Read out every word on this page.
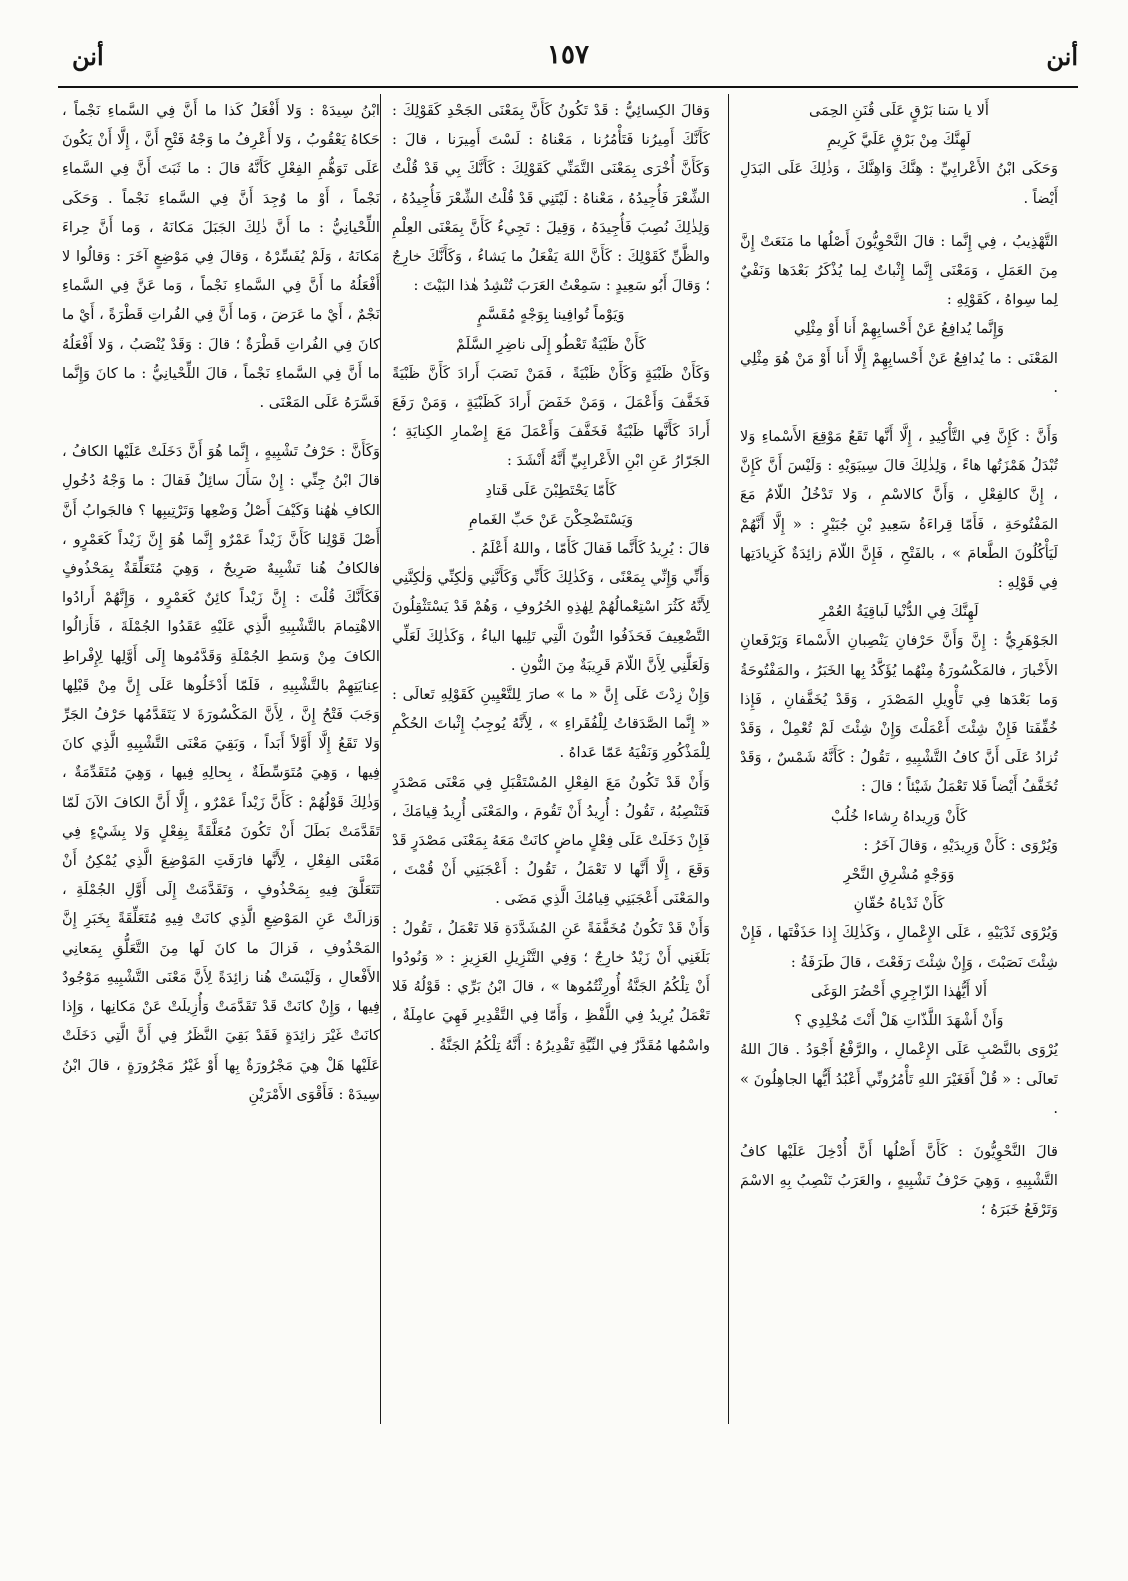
أنن
١٥٧
أنن

أَلا يا سَنا بَرْقٍ عَلَى قُنَنِ الحِمَى

لَهِنَّكَ مِنْ بَرْقٍ عَلَيَّ كَرِيمِ

وَحَكَى ابْنُ الأَعْرابِيِّ : هِنَّكَ وَاهِنَّكَ ، وَذٰلِكَ عَلَى البَدَلِ أَيْضاً .

التَّهْذِيبُ ، فِي إِنَّما : قالَ النَّحْوِيُّونَ أَصْلُها ما مَنَعَتْ إِنَّ مِنَ العَمَلِ ، وَمَعْنَى إِنَّما إِثْباتٌ لِما يُذْكَرُ بَعْدَها وَنَفْيٌ لِما سِواهُ ، كَقَوْلِهِ :

وَإِنَّما يُدافِعُ عَنْ أَحْسابِهِمْ أَنا أَوْ مِثْلِي

المَعْنَى : ما يُدافِعُ عَنْ أَحْسابِهِمْ إِلَّا أَنا أَوْ مَنْ هُوَ مِثْلِي .

وَأَنَّ : كَإِنَّ فِي التَّأْكِيدِ ، إِلَّا أَنَّها تَقَعُ مَوْقِعَ الأَسْماءِ وَلا تُبْدَلُ هَمْزَتُها هاءً ، وَلِذٰلِكَ قالَ سِيبَوَيْهِ : وَلَيْسَ أَنَّ كَإِنَّ ، إِنَّ كالفِعْلِ ، وَأَنَّ كالاسْمِ ، وَلا تَدْخُلُ اللّامُ مَعَ المَفْتُوحَةِ ، فَأَمّا قِراءَةُ سَعِيدِ بْنِ جُبَيْرٍ : « إِلَّا أَنَّهُمْ لَيَأْكُلُونَ الطَّعامَ » ، بالفَتْحِ ، فَإِنَّ اللّامَ زائِدَةٌ كَزِيادَتِها فِي قَوْلِهِ :

لَهِنَّكَ فِي الدُّنْيا لَباقِيَةُ العُمْرِ

الجَوْهَرِيُّ : إِنَّ وَأَنَّ حَرْفانِ يَنْصِبانِ الأَسْماءَ وَيَرْفَعانِ الأَخْبارَ ، فالمَكْسُورَةُ مِنْهُما يُؤَكَّدُ بِها الخَبَرُ ، والمَفْتُوحَةُ وَما بَعْدَها فِي تَأْوِيلِ المَصْدَرِ ، وَقَدْ يُخَفَّفانِ ، فَإِذا خُفِّفَتا فَإِنْ شِئْتَ أَعْمَلْتَ وَإِنْ شِئْتَ لَمْ تُعْمِلْ ، وَقَدْ تُزادُ عَلَى أَنَّ كافُ التَّشْبِيهِ ، تَقُولُ : كَأَنَّهُ شَمْسٌ ، وَقَدْ تُخَفَّفُ أَيْضاً فَلا تَعْمَلُ شَيْئاً ؛ قالَ :

كَأَنْ وَرِيداهُ رِشاءا خُلُبْ

وَيُرْوَى : كَأَنْ وَرِيدَيْهِ ، وَقالَ آخَرُ :

وَوَجْهٍ مُشْرِقِ النَّحْرِ

كَأَنْ ثَدْياهُ حُقّانِ

وَيُرْوَى ثَدْيَيْهِ ، عَلَى الإِعْمالِ ، وَكَذٰلِكَ إِذا حَذَفْتَها ، فَإِنْ شِئْتَ نَصَبْتَ ، وَإِنْ شِئْتَ رَفَعْتَ ، قالَ طَرَفَةُ :

أَلا أَيُّهٰذا الزّاجِرِي أَحْضُرَ الوَغَى

وَأَنْ أَشْهَدَ اللَّذّاتِ هَلْ أَنْتَ مُخْلِدِي ؟

يُرْوَى بالنَّصْبِ عَلَى الإِعْمالِ ، والرَّفْعُ أَجْوَدُ . قالَ اللهُ تَعالَى : « قُلْ أَفَغَيْرَ اللهِ تَأْمُرُونِّي أَعْبُدُ أَيُّها الجاهِلُونَ » .

قالَ النَّحْوِيُّونَ : كَأَنَّ أَصْلُها أَنَّ أُدْخِلَ عَلَيْها كافُ التَّشْبِيهِ ، وَهِيَ حَرْفُ تَشْبِيهٍ ، والعَرَبُ تَنْصِبُ بِهِ الاسْمَ وَتَرْفَعُ خَبَرَهُ ؛

وَقالَ الكِسائِيُّ : قَدْ تَكُونُ كَأَنَّ بِمَعْنَى الجَحْدِ كَقَوْلِكَ : كَأَنَّكَ أَمِيرُنا فَتَأْمُرُنا ، مَعْناهُ : لَسْتَ أَمِيرَنا ، قالَ : وَكَأَنَّ أُخْرَى بِمَعْنَى التَّمَنِّي كَقَوْلِكَ : كَأَنَّكَ بِي قَدْ قُلْتُ الشِّعْرَ فَأُجِيدُهُ ، مَعْناهُ : لَيْتَنِي قَدْ قُلْتُ الشِّعْرَ فَأُجِيدُهُ ، وَلِذٰلِكَ نُصِبَ فَأُجِيدَهُ ، وَقِيلَ : تَجِيءُ كَأَنَّ بِمَعْنَى العِلْمِ والظَّنِّ كَقَوْلِكَ : كَأَنَّ اللهَ يَفْعَلُ ما يَشاءُ ، وَكَأَنَّكَ خارِجٌ ؛ وَقالَ أَبُو سَعِيدٍ : سَمِعْتُ العَرَبَ تُنْشِدُ هٰذا البَيْتَ :

وَيَوْماً تُوافِينا بِوَجْهٍ مُقَسَّمٍ

كَأَنْ ظَبْيَةٌ تَعْطُو إِلَى ناضِرِ السَّلَمْ

وَكَأَنْ ظَبْيَةٍ وَكَأَنْ ظَبْيَةً ، فَمَنْ نَصَبَ أَرادَ كَأَنَّ ظَبْيَةً فَخَفَّفَ وَأَعْمَلَ ، وَمَنْ خَفَضَ أَرادَ كَظَبْيَةٍ ، وَمَنْ رَفَعَ أَرادَ كَأَنَّها ظَبْيَةٌ فَخَفَّفَ وَأَعْمَلَ مَعَ إِضْمارِ الكِنايَةِ ؛ الجَرّارُ عَنِ ابْنِ الأَعْرابِيِّ أَنَّهُ أَنْشَدَ :

كَأَمّا يَحْتَطِبْنَ عَلَى قَتادِ

وَيَسْتَضْحِكْنَ عَنْ حَبِّ الغَمامِ

قالَ : يُرِيدُ كَأَنَّما فَقالَ كَأَمّا ، واللهُ أَعْلَمُ .

وَأَنِّي وَإِنِّي بِمَعْنًى ، وَكَذٰلِكَ كَأَنِّي وَكَأَنَّنِي وَلٰكِنِّي وَلٰكِنَّنِي لِأَنَّهُ كَثُرَ اسْتِعْمالُهُمْ لِهٰذِهِ الحُرُوفِ ، وَهُمْ قَدْ يَسْتَثْقِلُونَ التَّضْعِيفَ فَحَذَفُوا النُّونَ الَّتِي تَلِيها الياءُ ، وَكَذٰلِكَ لَعَلِّي وَلَعَلَّنِي لِأَنَّ اللّامَ قَرِيبَةٌ مِنَ النُّونِ .

وَإِنْ زِدْتَ عَلَى إِنَّ « ما » صارَ لِلتَّعْيِينِ كَقَوْلِهِ تَعالَى : « إِنَّما الصَّدَقاتُ لِلْفُقَراءِ » ، لِأَنَّهُ يُوجِبُ إِثْباتَ الحُكْمِ لِلْمَذْكُورِ وَنَفْيَهُ عَمّا عَداهُ .

وَأَنْ قَدْ تَكُونُ مَعَ الفِعْلِ المُسْتَقْبَلِ فِي مَعْنَى مَصْدَرٍ فَتَنْصِبُهُ ، تَقُولُ : أُرِيدُ أَنْ تَقُومَ ، والمَعْنَى أُرِيدُ قِيامَكَ ، فَإِنْ دَخَلَتْ عَلَى فِعْلٍ ماضٍ كانَتْ مَعَهُ بِمَعْنَى مَصْدَرٍ قَدْ وَقَعَ ، إِلَّا أَنَّها لا تَعْمَلُ ، تَقُولُ : أَعْجَبَنِي أَنْ قُمْتَ ، والمَعْنَى أَعْجَبَنِي قِيامُكَ الَّذِي مَضَى .

وَأَنْ قَدْ تَكُونُ مُخَفَّفَةً عَنِ المُشَدَّدَةِ فَلا تَعْمَلُ ، تَقُولُ : بَلَغَنِي أَنْ زَيْدٌ خارِجٌ ؛ وَفِي التَّنْزِيلِ العَزِيزِ : « وَنُودُوا أَنْ تِلْكُمُ الجَنَّةُ أُورِثْتُمُوها » ، قالَ ابْنُ بَرِّي : قَوْلُهُ فَلا تَعْمَلُ يُرِيدُ فِي اللَّفْظِ ، وَأَمّا فِي التَّقْدِيرِ فَهِيَ عامِلَةٌ ، واسْمُها مُقَدَّرٌ فِي النِّيَّةِ تَقْدِيرُهُ : أَنَّهُ تِلْكُمُ الجَنَّةُ .

ابْنُ سِيدَهْ : وَلا أَفْعَلُ كَذا ما أَنَّ فِي السَّماءِ نَجْماً ، حَكاهُ يَعْقُوبُ ، وَلا أَعْرِفُ ما وَجْهُ فَتْحِ أَنَّ ، إِلَّا أَنْ يَكُونَ عَلَى تَوَهُّمِ الفِعْلِ كَأَنَّهُ قالَ : ما ثَبَتَ أَنَّ فِي السَّماءِ نَجْماً ، أَوْ ما وُجِدَ أَنَّ فِي السَّماءِ نَجْماً . وَحَكَى اللِّحْيانِيُّ : ما أَنَّ ذٰلِكَ الجَبَلَ مَكانَهُ ، وَما أَنَّ حِراءَ مَكانَهُ ، وَلَمْ يُفَسِّرْهُ ، وَقالَ فِي مَوْضِعٍ آخَرَ : وَقالُوا لا أَفْعَلُهُ ما أَنَّ فِي السَّماءِ نَجْماً ، وَما عَنَّ فِي السَّماءِ نَجْمٌ ، أَيْ ما عَرَضَ ، وَما أَنَّ فِي الفُراتِ قَطْرَةً ، أَيْ ما كانَ فِي الفُراتِ قَطْرَةٌ ؛ قالَ : وَقَدْ يُنْصَبُ ، وَلا أَفْعَلُهُ ما أَنَّ فِي السَّماءِ نَجْماً ، قالَ اللِّحْيانِيُّ : ما كانَ وَإِنَّما فَسَّرَهُ عَلَى المَعْنَى .

وَكَأَنَّ : حَرْفُ تَشْبِيهٍ ، إِنَّما هُوَ أَنَّ دَخَلَتْ عَلَيْها الكافُ ، قالَ ابْنُ جِنِّي : إِنْ سَأَلَ سائِلٌ فَقالَ : ما وَجْهُ دُخُولِ الكافِ هٰهُنا وَكَيْفَ أَصْلُ وَضْعِها وَتَرْتِيبِها ؟ فالجَوابُ أَنَّ أَصْلَ قَوْلِنا كَأَنَّ زَيْداً عَمْرٌو إِنَّما هُوَ إِنَّ زَيْداً كَعَمْرٍو ، فالكافُ هُنا تَشْبِيهٌ صَرِيحٌ ، وَهِيَ مُتَعَلِّقَةٌ بِمَحْذُوفٍ فَكَأَنَّكَ قُلْتَ : إِنَّ زَيْداً كائِنٌ كَعَمْرٍو ، وَإِنَّهُمْ أَرادُوا الاهْتِمامَ بالتَّشْبِيهِ الَّذِي عَلَيْهِ عَقَدُوا الجُمْلَةَ ، فَأَزالُوا الكافَ مِنْ وَسَطِ الجُمْلَةِ وَقَدَّمُوها إِلَى أَوَّلِها لِإِفْراطِ عِنايَتِهِمْ بالتَّشْبِيهِ ، فَلَمّا أَدْخَلُوها عَلَى إِنَّ مِنْ قَبْلِها وَجَبَ فَتْحُ إِنَّ ، لِأَنَّ المَكْسُورَةَ لا يَتَقَدَّمُها حَرْفُ الجَرِّ وَلا تَقَعُ إِلَّا أَوَّلاً أَبَداً ، وَبَقِيَ مَعْنَى التَّشْبِيهِ الَّذِي كانَ فِيها ، وَهِيَ مُتَوَسِّطَةٌ ، بِحالِهِ فِيها ، وَهِيَ مُتَقَدِّمَةٌ ، وَذٰلِكَ قَوْلُهُمْ : كَأَنَّ زَيْداً عَمْرٌو ، إِلَّا أَنَّ الكافَ الآنَ لَمّا تَقَدَّمَتْ بَطَلَ أَنْ تَكُونَ مُعَلَّقَةً بِفِعْلٍ وَلا بِشَيْءٍ فِي مَعْنَى الفِعْلِ ، لِأَنَّها فارَقَتِ المَوْضِعَ الَّذِي يُمْكِنُ أَنْ تَتَعَلَّقَ فِيهِ بِمَحْذُوفٍ ، وَتَقَدَّمَتْ إِلَى أَوَّلِ الجُمْلَةِ ، وَزالَتْ عَنِ المَوْضِعِ الَّذِي كانَتْ فِيهِ مُتَعَلِّقَةً بِخَبَرِ إِنَّ المَحْذُوفِ ، فَزالَ ما كانَ لَها مِنَ التَّعَلُّقِ بِمَعانِي الأَفْعالِ ، وَلَيْسَتْ هُنا زائِدَةً لِأَنَّ مَعْنَى التَّشْبِيهِ مَوْجُودٌ فِيها ، وَإِنْ كانَتْ قَدْ تَقَدَّمَتْ وَأُزِيلَتْ عَنْ مَكانِها ، وَإِذا كانَتْ غَيْرَ زائِدَةٍ فَقَدْ بَقِيَ النَّظَرُ فِي أَنَّ الَّتِي دَخَلَتْ عَلَيْها هَلْ هِيَ مَجْرُورَةٌ بِها أَوْ غَيْرُ مَجْرُورَةٍ ، قالَ ابْنُ سِيدَهْ : فَأَقْوَى الأَمْرَيْنِ
